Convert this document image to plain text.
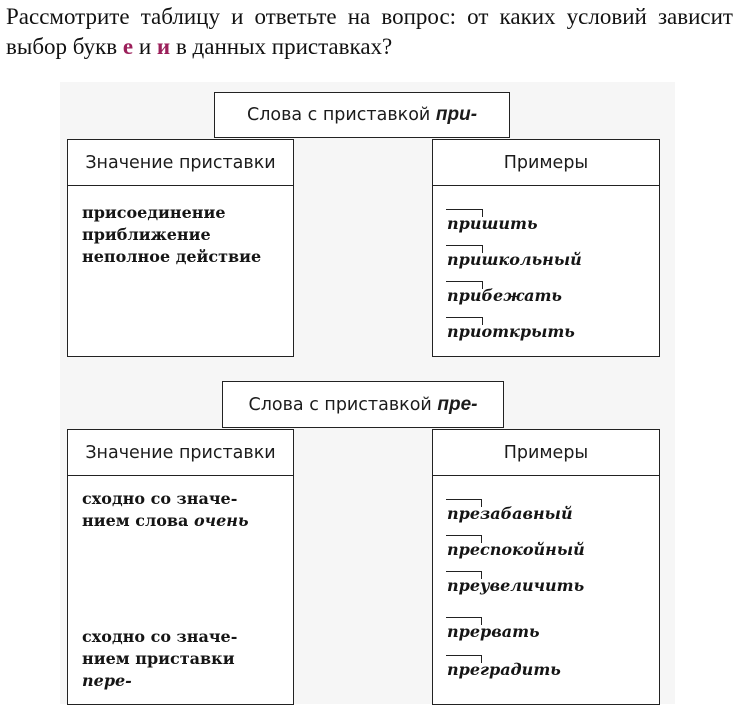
Рассмотрите таблицу и ответьте на вопрос: от каких условий зависит выбор букв е и и в данных приставках?
Слова с приставкой
при-
Значение приставки
присоединение
приближение
неполное действие
Примеры
пришить
пришкольный
прибежать
приоткрыть
Слова с приставкой
пре-
Значение приставки
сходно со значе-
нием слова очень
сходно со значе-
нием приставки
пере-
Примеры
презабавный
преспокойный
преувеличить
прервать
преградить
